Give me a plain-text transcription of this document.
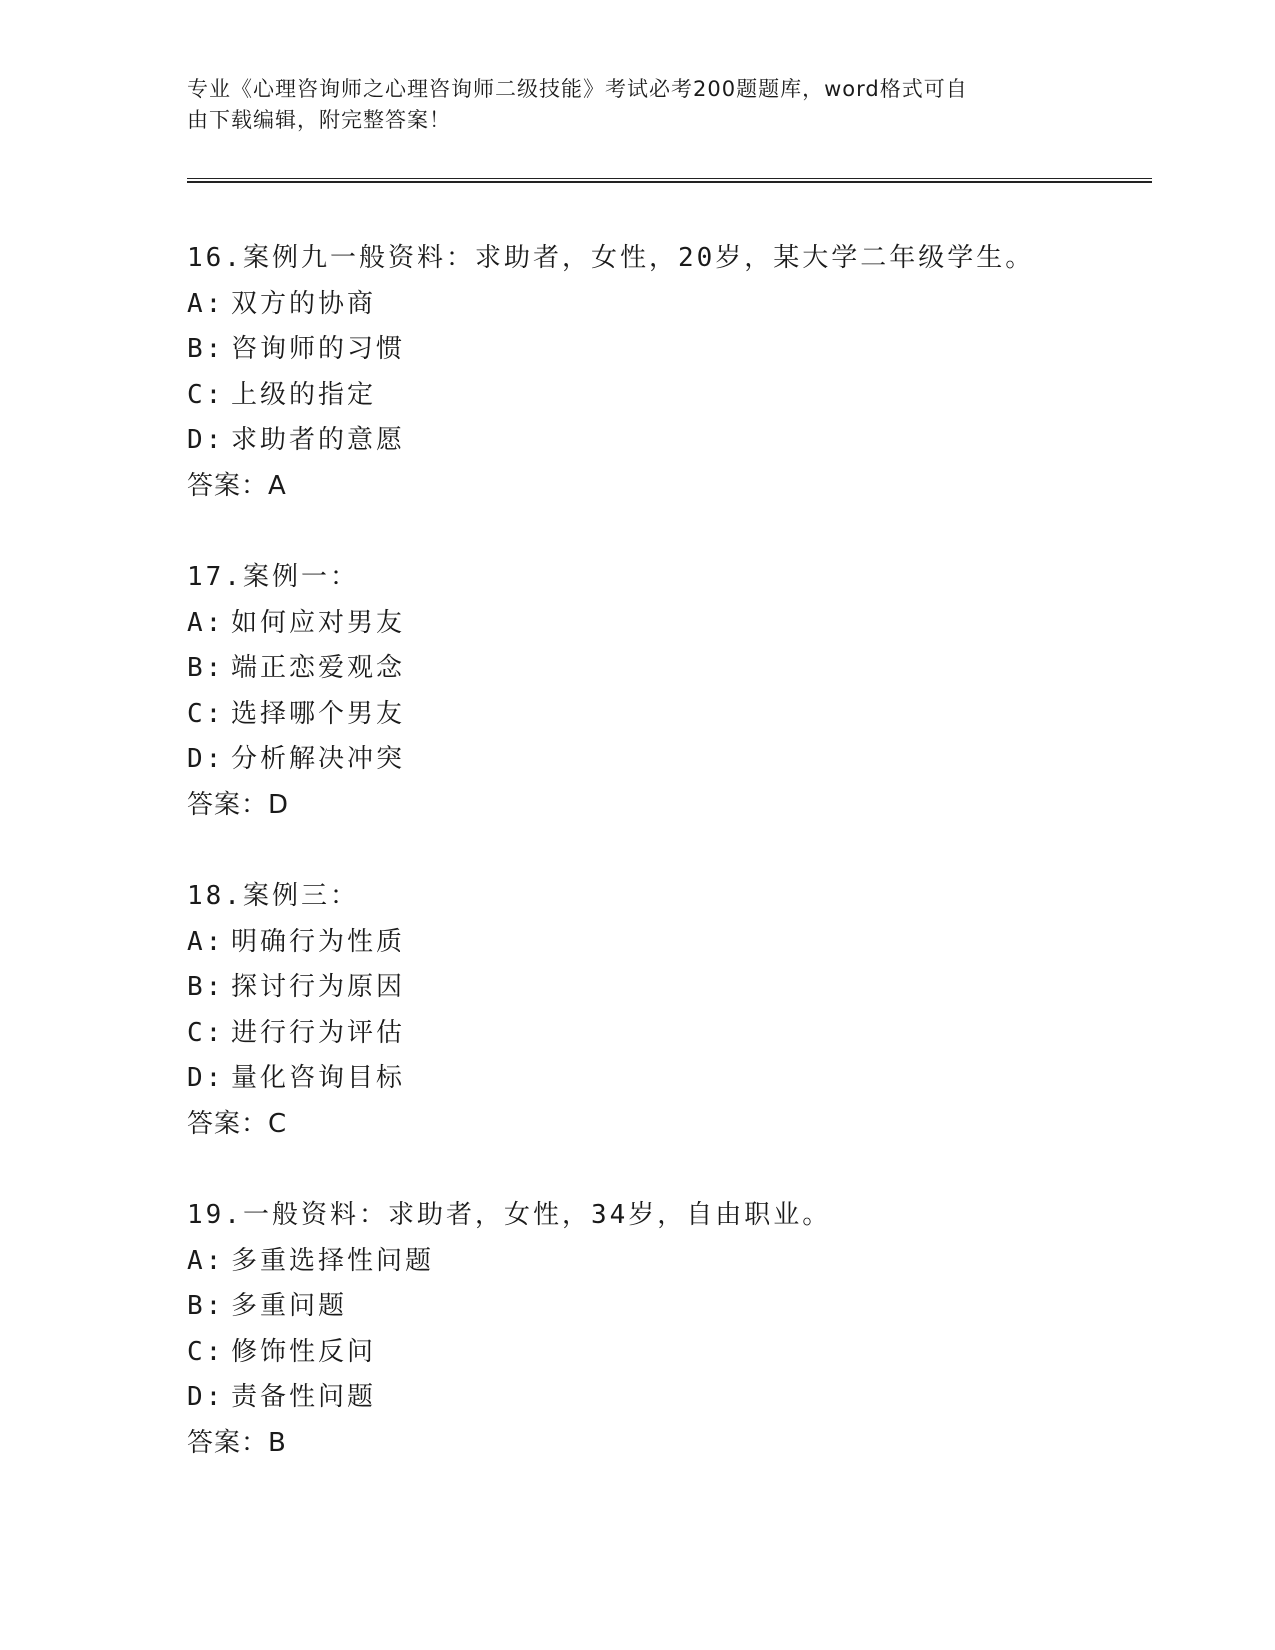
专业《心理咨询师之心理咨询师二级技能》考试必考200题题库，word格式可自
由下载编辑，附完整答案！
16.案例九一般资料：求助者，女性，20岁，某大学二年级学生。
A: 双方的协商
B: 咨询师的习惯
C: 上级的指定
D: 求助者的意愿
答案：A
17.案例一：
A: 如何应对男友
B: 端正恋爱观念
C: 选择哪个男友
D: 分析解决冲突
答案：D
18.案例三：
A: 明确行为性质
B: 探讨行为原因
C: 进行行为评估
D: 量化咨询目标
答案：C
19.一般资料：求助者，女性，34岁，自由职业。
A: 多重选择性问题
B: 多重问题
C: 修饰性反问
D: 责备性问题
答案：B
